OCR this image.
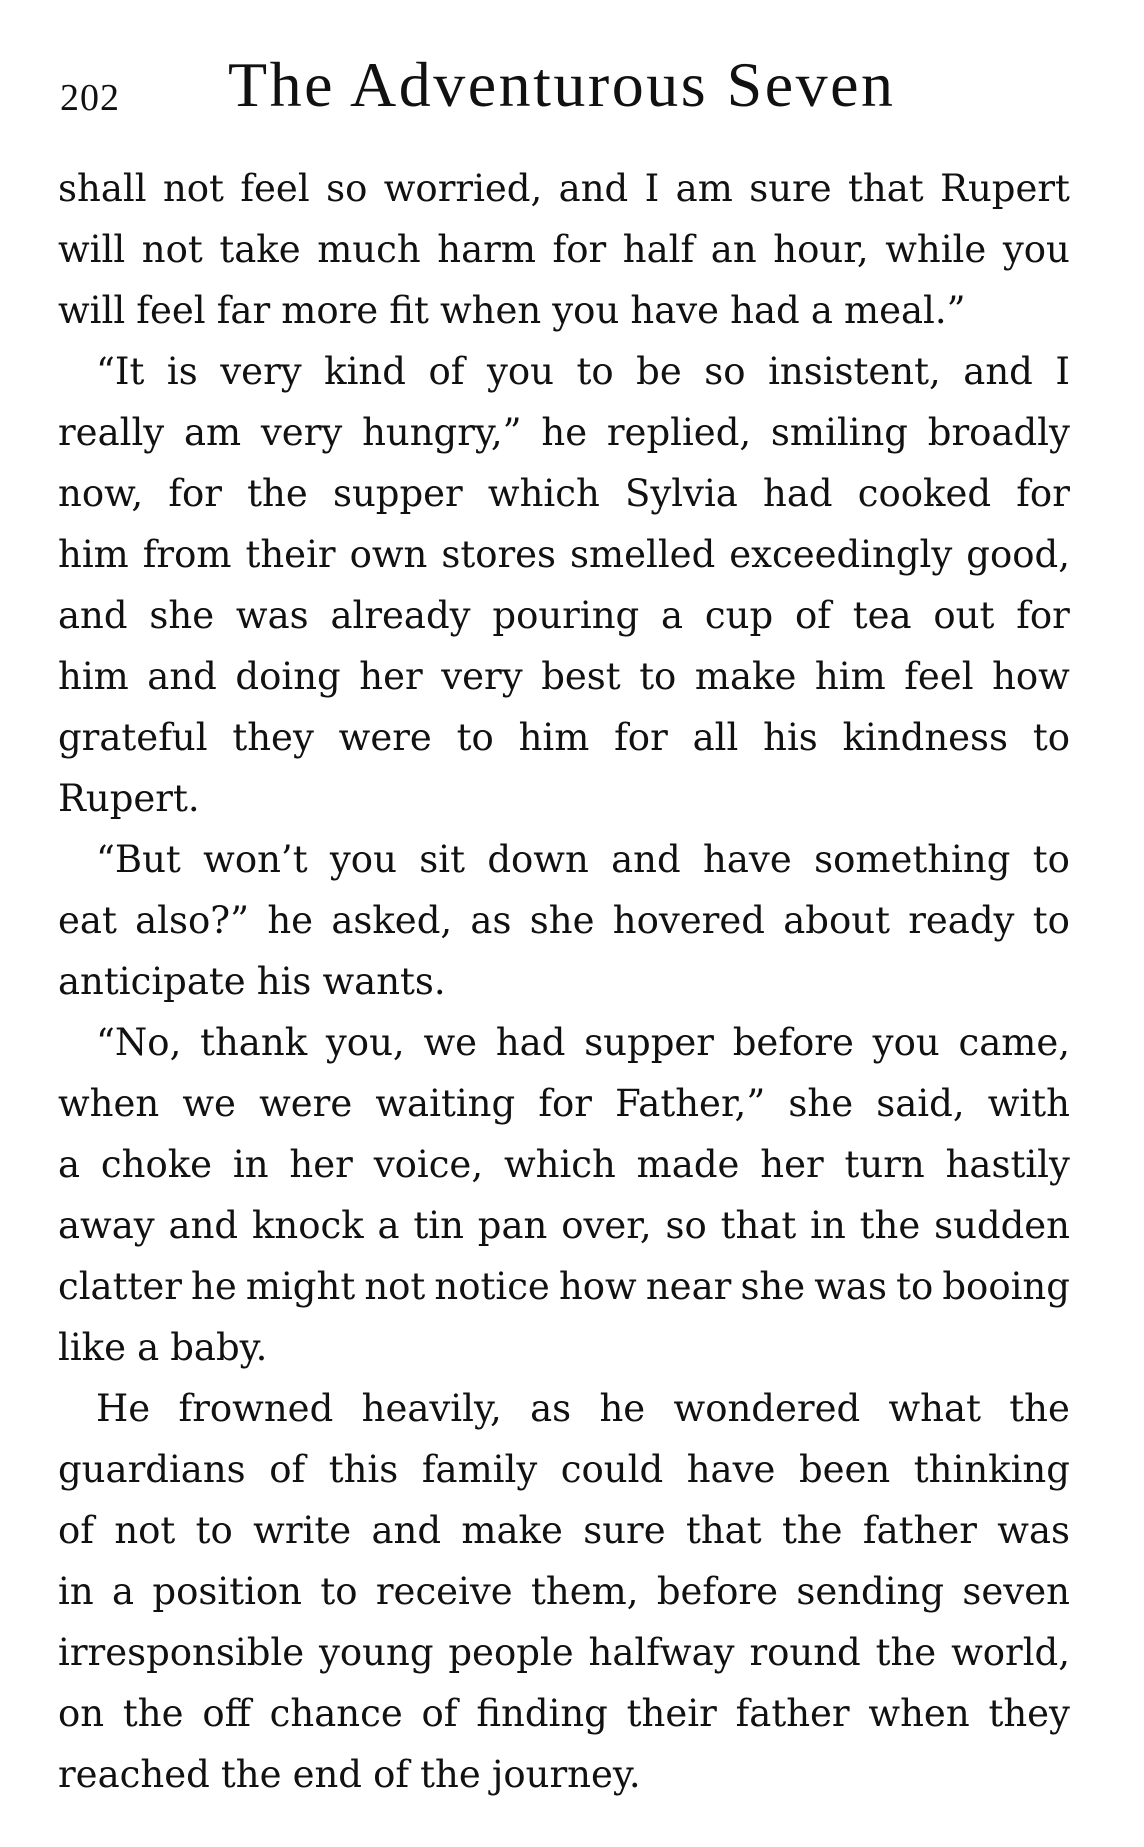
202 The Adventurous Seven
shall not feel so worried, and I am sure that Rupert
will not take much harm for half an hour, while you
will feel far more fit when you have had a meal.”
“It is very kind of you to be so insistent, and I
really am very hungry,” he replied, smiling broadly
now, for the supper which Sylvia had cooked for
him from their own stores smelled exceedingly good,
and she was already pouring a cup of tea out for
him and doing her very best to make him feel how
grateful they were to him for all his kindness to
Rupert.
“But won’t you sit down and have something to
eat also?” he asked, as she hovered about ready to
anticipate his wants.
“No, thank you, we had supper before you came,
when we were waiting for Father,” she said, with
a choke in her voice, which made her turn hastily
away and knock a tin pan over, so that in the sudden
clatter he might not notice how near she was to booing
like a baby.
He frowned heavily, as he wondered what the
guardians of this family could have been thinking
of not to write and make sure that the father was
in a position to receive them, before sending seven
irresponsible young people halfway round the world,
on the off chance of finding their father when they
reached the end of the journey.
